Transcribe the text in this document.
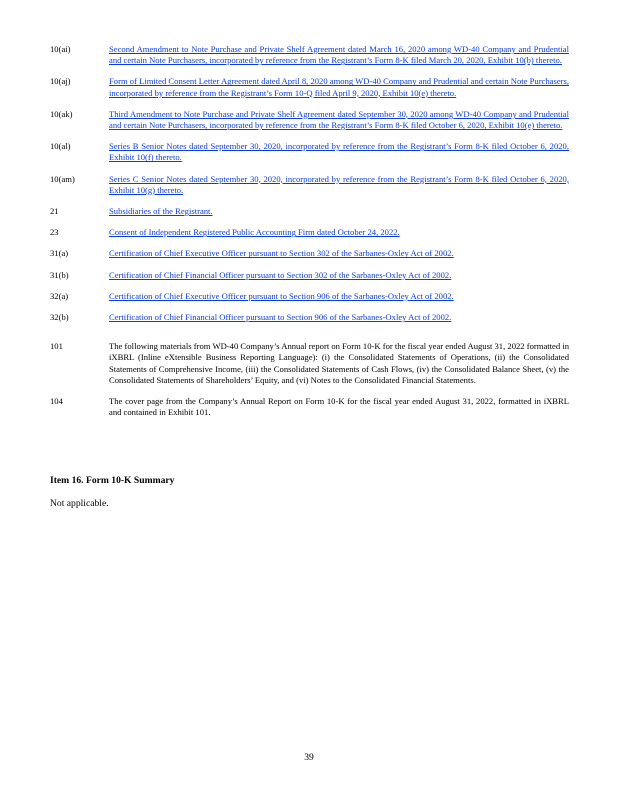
10(ai)	Second Amendment to Note Purchase and Private Shelf Agreement dated March 16, 2020 among WD-40 Company and Prudential and certain Note Purchasers, incorporated by reference from the Registrant’s Form 8-K filed March 20, 2020, Exhibit 10(b) thereto.
10(aj)	Form of Limited Consent Letter Agreement dated April 8, 2020 among WD-40 Company and Prudential and certain Note Purchasers, incorporated by reference from the Registrant’s Form 10-Q filed April 9, 2020, Exhibit 10(e) thereto.
10(ak)	Third Amendment to Note Purchase and Private Shelf Agreement dated September 30, 2020 among WD-40 Company and Prudential and certain Note Purchasers, incorporated by reference from the Registrant’s Form 8-K filed October 6, 2020, Exhibit 10(e) thereto.
10(al)	Series B Senior Notes dated September 30, 2020, incorporated by reference from the Registrant’s Form 8-K filed October 6, 2020, Exhibit 10(f) thereto.
10(am)	Series C Senior Notes dated September 30, 2020, incorporated by reference from the Registrant’s Form 8-K filed October 6, 2020, Exhibit 10(g) thereto.
21	Subsidiaries of the Registrant.
23	Consent of Independent Registered Public Accounting Firm dated October 24, 2022.
31(a)	Certification of Chief Executive Officer pursuant to Section 302 of the Sarbanes-Oxley Act of 2002.
31(b)	Certification of Chief Financial Officer pursuant to Section 302 of the Sarbanes-Oxley Act of 2002.
32(a)	Certification of Chief Executive Officer pursuant to Section 906 of the Sarbanes-Oxley Act of 2002.
32(b)	Certification of Chief Financial Officer pursuant to Section 906 of the Sarbanes-Oxley Act of 2002.
101	The following materials from WD-40 Company’s Annual report on Form 10-K for the fiscal year ended August 31, 2022 formatted in iXBRL (Inline eXtensible Business Reporting Language): (i) the Consolidated Statements of Operations, (ii) the Consolidated Statements of Comprehensive Income, (iii) the Consolidated Statements of Cash Flows, (iv) the Consolidated Balance Sheet, (v) the Consolidated Statements of Shareholders’ Equity, and (vi) Notes to the Consolidated Financial Statements.
104	The cover page from the Company’s Annual Report on Form 10-K for the fiscal year ended August 31, 2022, formatted in iXBRL and contained in Exhibit 101.
Item 16. Form 10-K Summary
Not applicable.
39
